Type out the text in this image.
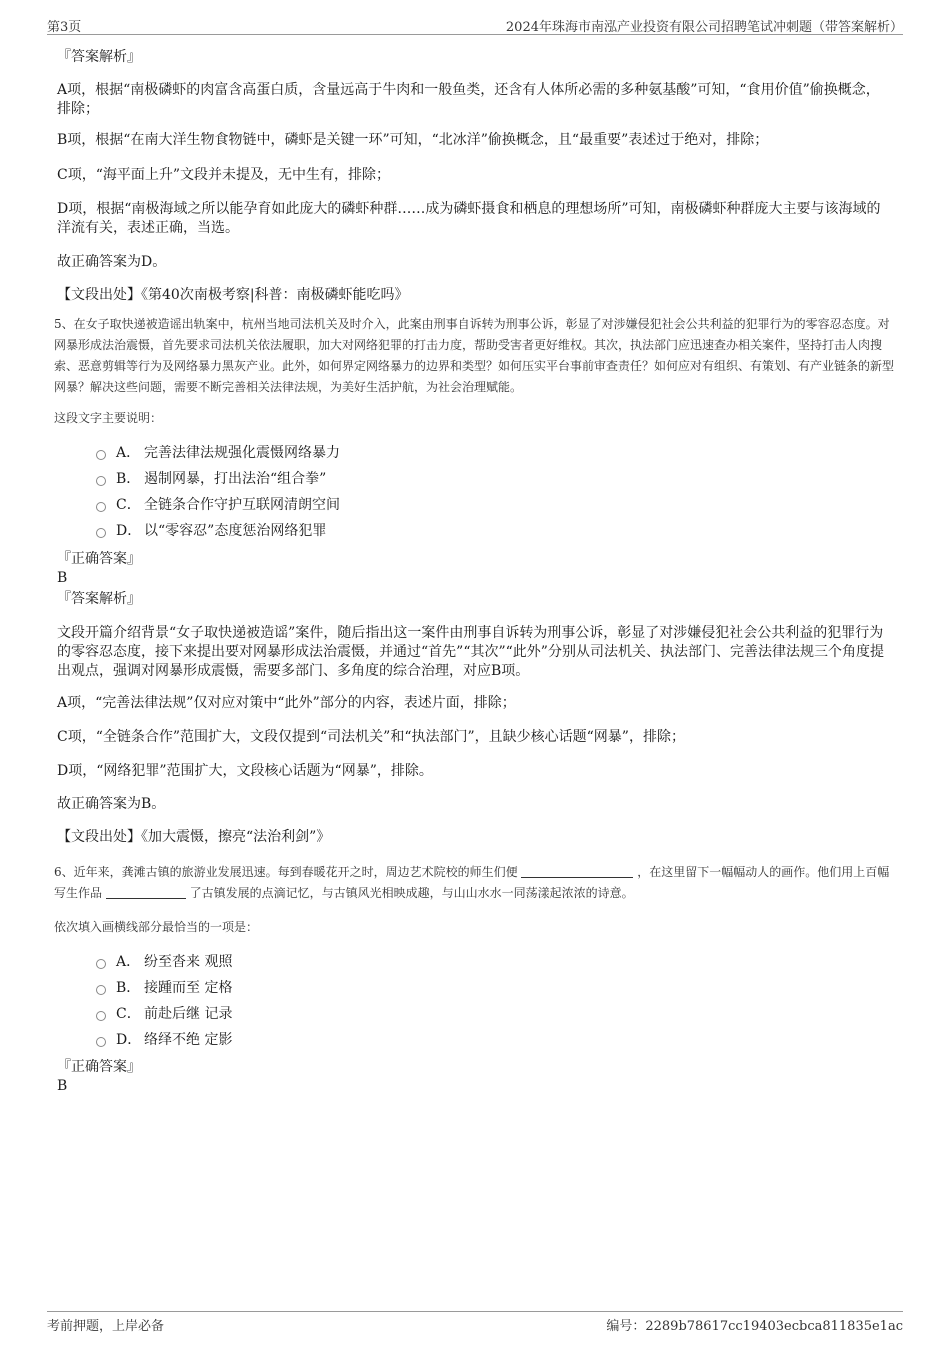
第3页	2024年珠海市南泓产业投资有限公司招聘笔试冲刺题（带答案解析）
『答案解析』
A项，根据“南极磷虾的肉富含高蛋白质，含量远高于牛肉和一般鱼类，还含有人体所必需的多种氨基酸”可知，“食用价值”偷换概念，排除；
B项，根据“在南大洋生物食物链中，磷虾是关键一环”可知，“北冰洋”偷换概念，且“最重要”表述过于绝对，排除；
C项，“海平面上升”文段并未提及，无中生有，排除；
D项，根据“南极海域之所以能孕育如此庞大的磷虾种群……成为磷虾摄食和栖息的理想场所”可知，南极磷虾种群庞大主要与该海域的洋流有关，表述正确，当选。
故正确答案为D。
【文段出处】《第40次南极考察|科普：南极磷虾能吃吗》
5、在女子取快递被造谣出轨案中，杭州当地司法机关及时介入，此案由刑事自诉转为刑事公诉，彰显了对涉嫌侵犯社会公共利益的犯罪行为的零容忍态度。对网暴形成法治震慑，首先要求司法机关依法履职，加大对网络犯罪的打击力度，帮助受害者更好维权。其次，执法部门应迅速查办相关案件，坚持打击人肉搜索、恶意剪辑等行为及网络暴力黑灰产业。此外，如何界定网络暴力的边界和类型？如何压实平台事前审查责任？如何应对有组织、有策划、有产业链条的新型网暴？解决这些问题，需要不断完善相关法律法规，为美好生活护航，为社会治理赋能。
这段文字主要说明：
A． 完善法律法规强化震慑网络暴力
B． 遏制网暴，打出法治“组合拳”
C． 全链条合作守护互联网清朗空间
D． 以“零容忍”态度惩治网络犯罪
『正确答案』
B
『答案解析』
文段开篇介绍背景“女子取快递被造谣”案件，随后指出这一案件由刑事自诉转为刑事公诉，彰显了对涉嫌侵犯社会公共利益的犯罪行为的零容忍态度，接下来提出要对网暴形成法治震慑，并通过“首先”“其次”“此外”分别从司法机关、执法部门、完善法律法规三个角度提出观点，强调对网暴形成震慑，需要多部门、多角度的综合治理，对应B项。
A项，“完善法律法规”仅对应对策中“此外”部分的内容，表述片面，排除；
C项，“全链条合作”范围扩大，文段仅提到“司法机关”和“执法部门”，且缺少核心话题“网暴”，排除；
D项，“网络犯罪”范围扩大，文段核心话题为“网暴”，排除。
故正确答案为B。
【文段出处】《加大震慑，擦亮“法治利剑”》
6、近年来，龚滩古镇的旅游业发展迅速。每到春暖花开之时，周边艺术院校的师生们便	，在这里留下一幅幅动人的画作。他们用上百幅写生作品	了古镇发展的点滴记忆，与古镇风光相映成趣，与山山水水一同荡漾起浓浓的诗意。
依次填入画横线部分最恰当的一项是：
A． 纷至沓来 观照
B． 接踵而至 定格
C． 前赴后继 记录
D． 络绎不绝 定影
『正确答案』
B
考前押题，上岸必备	编号：2289b78617cc19403ecbca811835e1ac
